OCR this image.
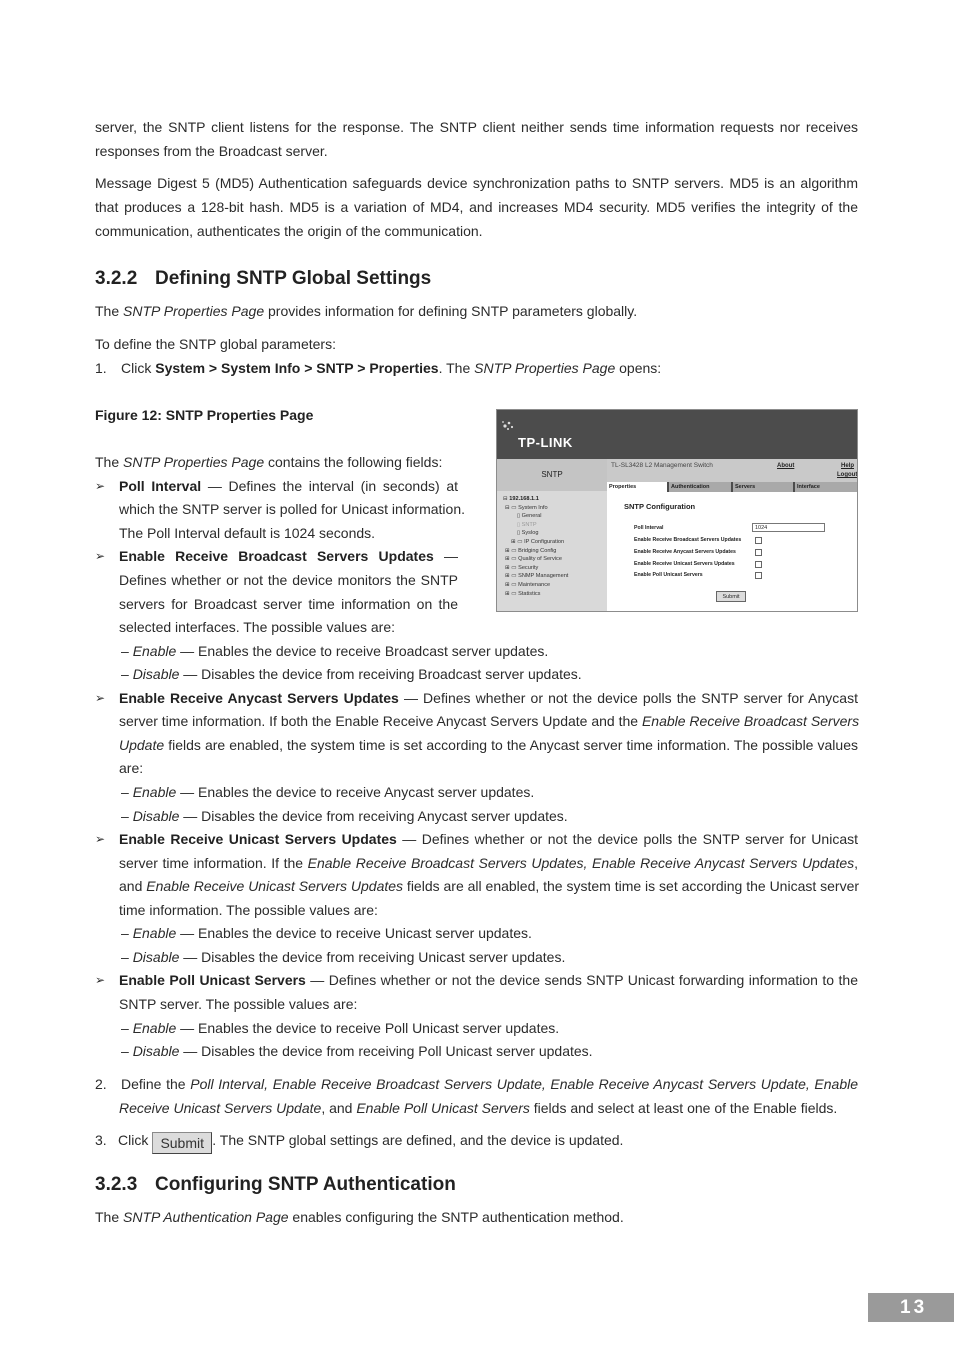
server, the SNTP client listens for the response. The SNTP client neither sends time information requests nor receives responses from the Broadcast server.

Message Digest 5 (MD5) Authentication safeguards device synchronization paths to SNTP servers. MD5 is an algorithm that produces a 128-bit hash. MD5 is a variation of MD4, and increases MD4 security. MD5 verifies the integrity of the communication, authenticates the origin of the communication.

3.2.2 Defining SNTP Global Settings
The SNTP Properties Page provides information for defining SNTP parameters globally.
To define the SNTP global parameters:
1. Click System > System Info > SNTP > Properties. The SNTP Properties Page opens:
Figure 12: SNTP Properties Page
TP-LINK
SNTP
⊟ 192.168.1.1
⊟ ▭ System Info
▯ General
▯ SNTP
▯ Syslog
⊞ ▭ IP Configuration
⊞ ▭ Bridging Config
⊞ ▭ Quality of Service
⊞ ▭ Security
⊞ ▭ SNMP Management
⊞ ▭ Maintenance
⊞ ▭ Statistics
TL-SL3428 L2 Management Switch	About	Help
Logout
Properties	Authentication	Servers	Interface
SNTP Configuration
Poll Interval	1024
Enable Receive Broadcast Servers Updates
Enable Receive Anycast Servers Updates
Enable Receive Unicast Servers Updates
Enable Poll Unicast Servers
Submit
The SNTP Properties Page contains the following fields:
➢ Poll Interval — Defines the interval (in seconds) at
which the SNTP server is polled for Unicast information.
The Poll Interval default is 1024 seconds.
➢ Enable Receive Broadcast Servers Updates —
Defines whether or not the device monitors the SNTP
servers for Broadcast server time information on the
selected interfaces. The possible values are:
– Enable — Enables the device to receive Broadcast server updates.
– Disable — Disables the device from receiving Broadcast server updates.
➢ Enable Receive Anycast Servers Updates — Defines whether or not the device polls the SNTP server for Anycast
server time information. If both the Enable Receive Anycast Servers Update and the Enable Receive Broadcast Servers
Update fields are enabled, the system time is set according to the Anycast server time information. The possible values
are:
– Enable — Enables the device to receive Anycast server updates.
– Disable — Disables the device from receiving Anycast server updates.
➢ Enable Receive Unicast Servers Updates — Defines whether or not the device polls the SNTP server for Unicast
server time information. If the Enable Receive Broadcast Servers Updates, Enable Receive Anycast Servers Updates,
and Enable Receive Unicast Servers Updates fields are all enabled, the system time is set according the Unicast server
time information. The possible values are:
– Enable — Enables the device to receive Unicast server updates.
– Disable — Disables the device from receiving Unicast server updates.
➢ Enable Poll Unicast Servers — Defines whether or not the device sends SNTP Unicast forwarding information to the
SNTP server. The possible values are:
– Enable — Enables the device to receive Poll Unicast server updates.
– Disable — Disables the device from receiving Poll Unicast server updates.
2. Define the Poll Interval, Enable Receive Broadcast Servers Update, Enable Receive Anycast Servers Update, Enable
Receive Unicast Servers Update, and Enable Poll Unicast Servers fields and select at least one of the Enable fields.
3. Click Submit . The SNTP global settings are defined, and the device is updated.
3.2.3 Configuring SNTP Authentication
The SNTP Authentication Page enables configuring the SNTP authentication method.
13
